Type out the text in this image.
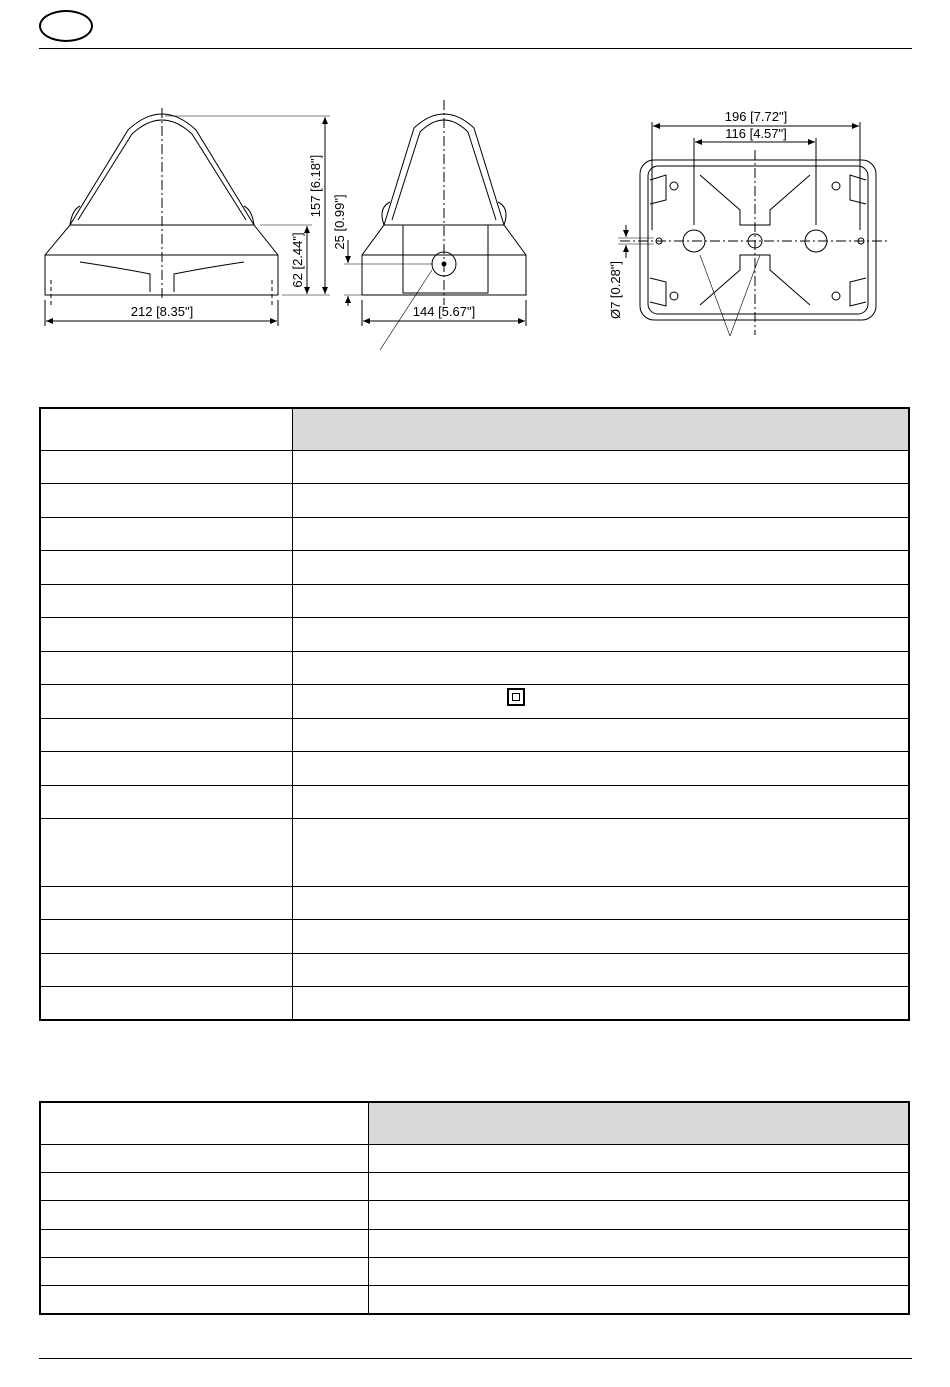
212 [8.35"]
157 [6.18"]
62 [2.44"]
144 [5.67"]
25 [0.99"]
196 [7.72"]
116 [4.57"]
Ø7 [0.28"]
